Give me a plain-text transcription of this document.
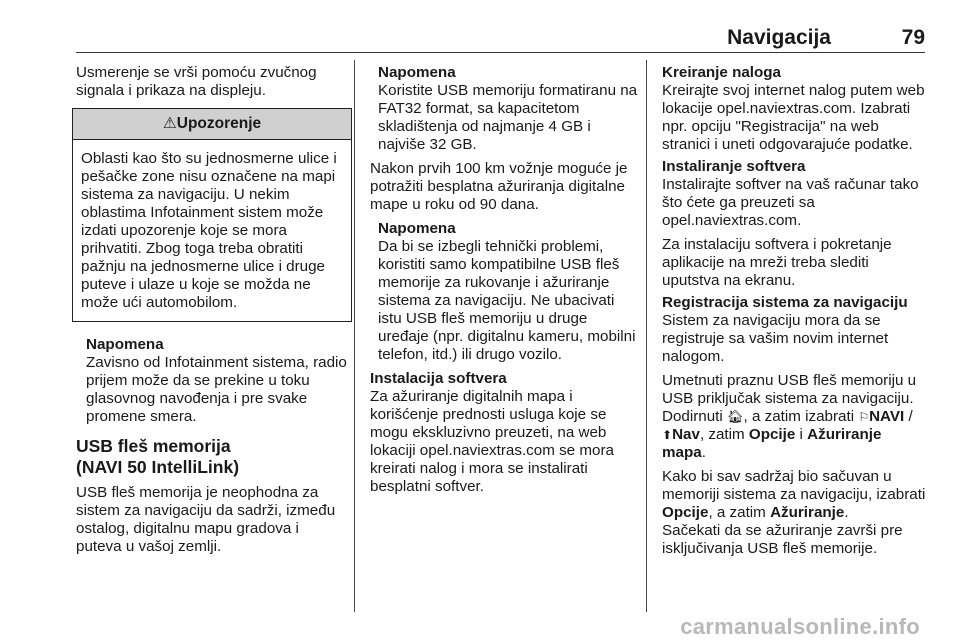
Navigacija	79

Usmerenje se vrši pomoću zvučnog signala i prikaza na displeju.

⚠Upozorenje
Oblasti kao što su jednosmerne ulice i pešačke zone nisu označene na mapi sistema za navigaciju. U nekim oblastima Infotainment sistem može izdati upozorenje koje se mora prihvatiti. Zbog toga treba obratiti pažnju na jednosmerne ulice i druge puteve i ulaze u koje se možda ne može ući automobilom.

Napomena

Zavisno od Infotainment sistema, radio prijem može da se prekine u toku glasovnog navođenja i pre svake promene smera.

USB fleš memorija
(NAVI 50 IntelliLink)

USB fleš memorija je neophodna za sistem za navigaciju da sadrži, između ostalog, digitalnu mapu gradova i puteva u vašoj zemlji.

Napomena

Koristite USB memoriju formatiranu na FAT32 format, sa kapacitetom skladištenja od najmanje 4 GB i najviše 32 GB.

Nakon prvih 100 km vožnje moguće je potražiti besplatna ažuriranja digitalne mape u roku od 90 dana.

Napomena

Da bi se izbegli tehnički problemi, koristiti samo kompatibilne USB fleš memorije za rukovanje i ažuriranje sistema za navigaciju. Ne ubacivati istu USB fleš memoriju u druge uređaje (npr. digitalnu kameru, mobilni telefon, itd.) ili drugo vozilo.

Instalacija softvera

Za ažuriranje digitalnih mapa i korišćenje prednosti usluga koje se mogu ekskluzivno preuzeti, na web lokaciji opel.naviextras.com se mora kreirati nalog i mora se instalirati besplatni softver.

Kreiranje naloga

Kreirajte svoj internet nalog putem web lokacije opel.naviextras.com. Izabrati npr. opciju "Registracija" na web stranici i uneti odgovarajuće podatke.

Instaliranje softvera

Instalirajte softver na vaš računar tako što ćete ga preuzeti sa opel.naviextras.com.

Za instalaciju softvera i pokretanje aplikacije na mreži treba slediti uputstva na ekranu.

Registracija sistema za navigaciju

Sistem za navigaciju mora da se registruje sa vašim novim internet nalogom.

Umetnuti praznu USB fleš memoriju u USB priključak sistema za navigaciju. Dodirnuti 🏠︎, a zatim izabrati ⚐NAVI / ⬆Nav, zatim Opcije i Ažuriranje mapa.

Kako bi sav sadržaj bio sačuvan u memoriji sistema za navigaciju, izabrati Opcije, a zatim Ažuriranje.
Sačekati da se ažuriranje završi pre isključivanja USB fleš memorije.

carmanualsonline.info
